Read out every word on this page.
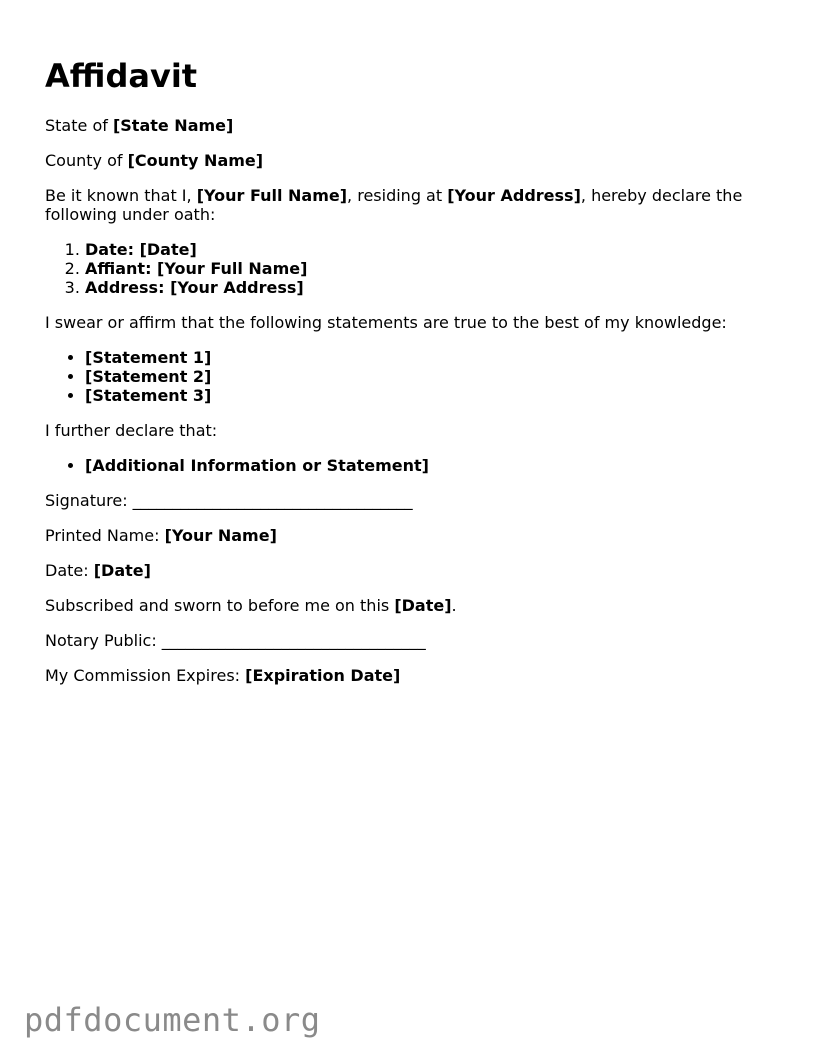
Affidavit

State of [State Name]

County of [County Name]

Be it known that I, [Your Full Name], residing at [Your Address], hereby declare the following under oath:

1. Date: [Date]
2. Affiant: [Your Full Name]
3. Address: [Your Address]

I swear or affirm that the following statements are true to the best of my knowledge:

• [Statement 1]
• [Statement 2]
• [Statement 3]

I further declare that:

• [Additional Information or Statement]

Signature: ___________________________________

Printed Name: [Your Name]

Date: [Date]

Subscribed and sworn to before me on this [Date].

Notary Public: _________________________________

My Commission Expires: [Expiration Date]

pdfdocument.org
